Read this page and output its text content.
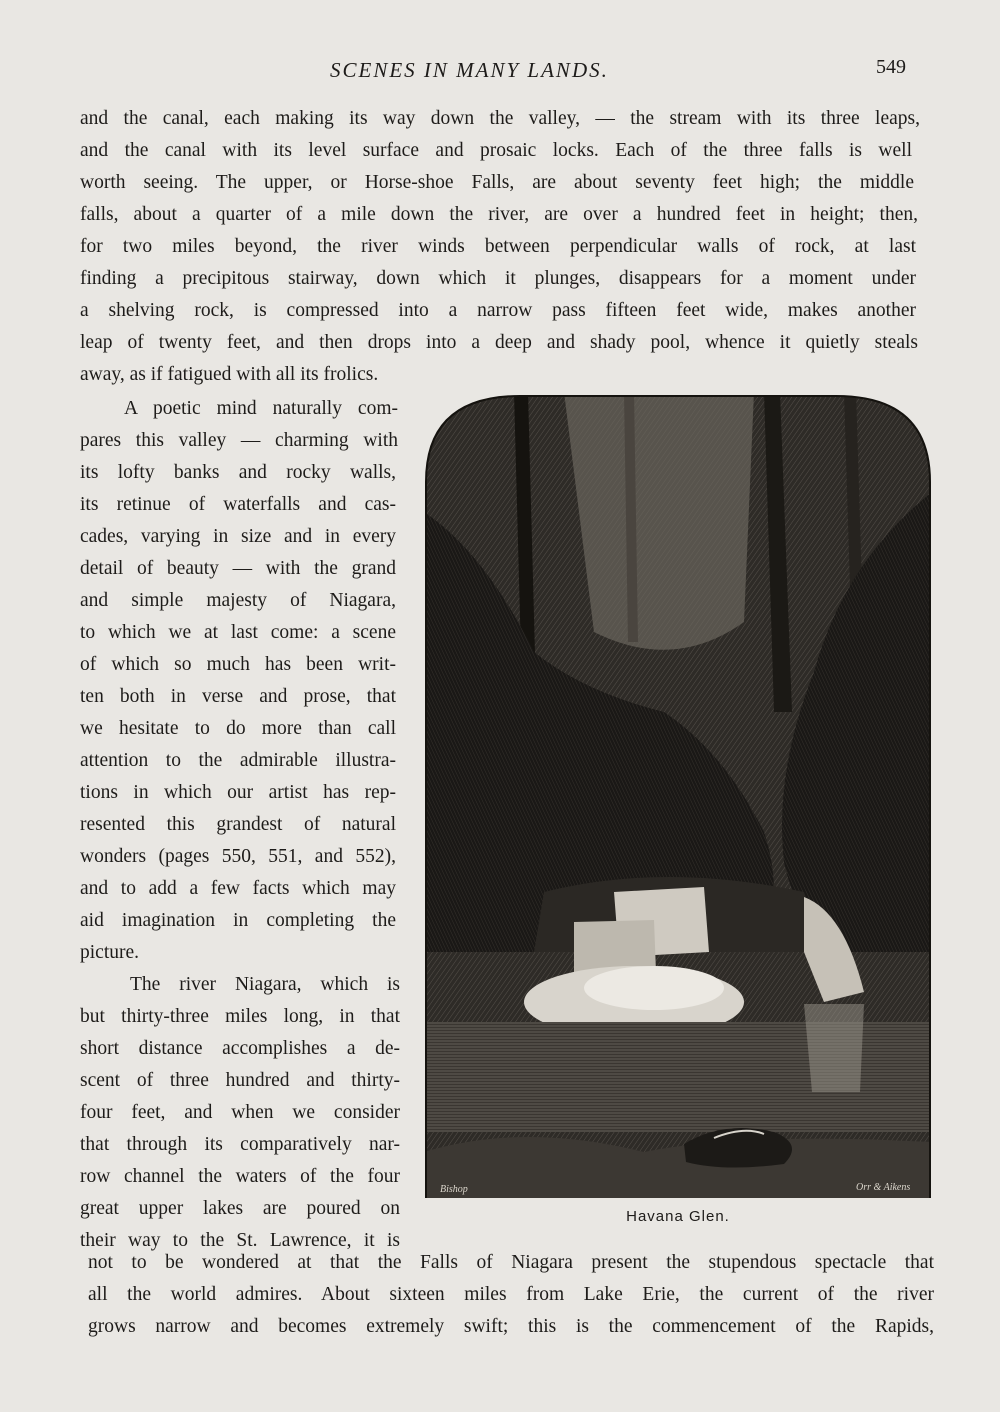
SCENES IN MANY LANDS.	549
and the canal, each making its way down the valley, — the stream with its three leaps,
and the canal with its level surface and prosaic locks. Each of the three falls is well
worth seeing. The upper, or Horse-shoe Falls, are about seventy feet high; the middle
falls, about a quarter of a mile down the river, are over a hundred feet in height; then,
for two miles beyond, the river winds between perpendicular walls of rock, at last
finding a precipitous stairway, down which it plunges, disappears for a moment under
a shelving rock, is compressed into a narrow pass fifteen feet wide, makes another
leap of twenty feet, and then drops into a deep and shady pool, whence it quietly steals
away, as if fatigued with all its frolics.
A poetic mind naturally com-
pares this valley — charming with
its lofty banks and rocky walls,
its retinue of waterfalls and cas-
cades, varying in size and in every
detail of beauty — with the grand
and simple majesty of Niagara,
to which we at last come: a scene
of which so much has been writ-
ten both in verse and prose, that
we hesitate to do more than call
attention to the admirable illustra-
tions in which our artist has rep-
resented this grandest of natural
wonders (pages 550, 551, and 552),
and to add a few facts which may
aid imagination in completing the
picture.
The river Niagara, which is
but thirty-three miles long, in that
short distance accomplishes a de-
scent of three hundred and thirty-
four feet, and when we consider
that through its comparatively nar-
row channel the waters of the four
great upper lakes are poured on
their way to the St. Lawrence, it is
Bishop	Orr & Aikens
Havana Glen.
not to be wondered at that the Falls of Niagara present the stupendous spectacle that
all the world admires. About sixteen miles from Lake Erie, the current of the river
grows narrow and becomes extremely swift; this is the commencement of the Rapids,
